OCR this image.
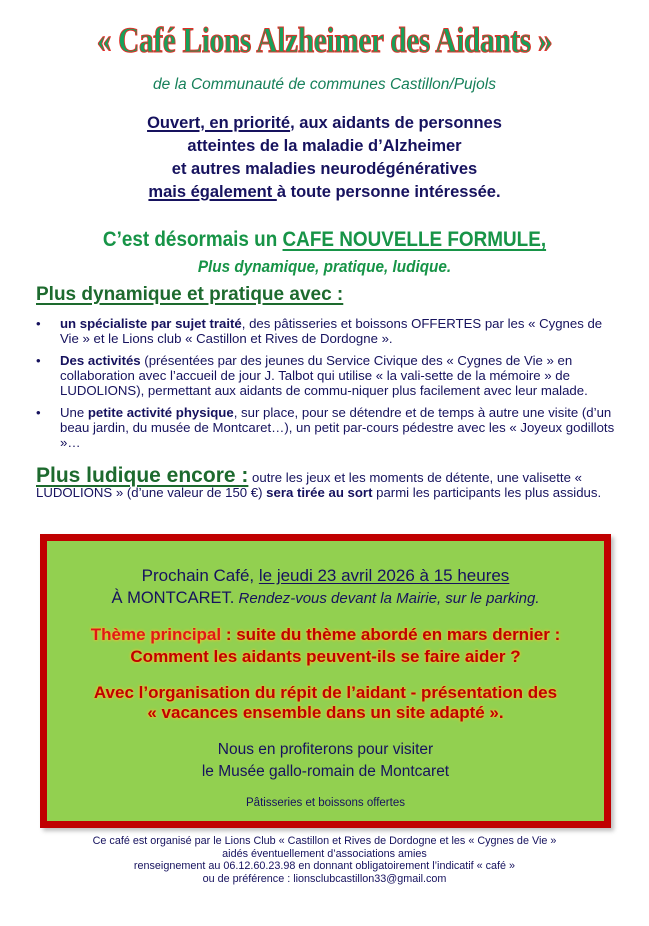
« Café Lions Alzheimer des Aidants »
de la Communauté de communes Castillon/Pujols
Ouvert, en priorité, aux aidants de personnes
atteintes de la maladie d’Alzheimer
et autres maladies neurodégénératives
mais également à toute personne intéressée.
C’est désormais un CAFE NOUVELLE FORMULE,
Plus dynamique, pratique, ludique.
Plus dynamique et pratique avec :
•	un spécialiste par sujet traité, des pâtisseries et boissons OFFERTES par les « Cygnes de Vie » et le Lions club « Castillon et Rives de Dordogne ».
•	Des activités (présentées par des jeunes du Service Civique des « Cygnes de Vie » en collaboration avec l’accueil de jour J. Talbot qui utilise « la vali-sette de la mémoire » de LUDOLIONS), permettant aux aidants de commu-niquer plus facilement avec leur malade.
•	Une petite activité physique, sur place, pour se détendre et de temps à autre une visite (d’un beau jardin, du musée de Montcaret…), un petit par-cours pédestre avec les « Joyeux godillots »…
Plus ludique encore : outre les jeux et les moments de détente, une valisette « LUDOLIONS » (d’une valeur de 150 €) sera tirée au sort parmi les participants les plus assidus.
Prochain Café, le jeudi 23 avril 2026 à 15 heures
À MONTCARET. Rendez-vous devant la Mairie, sur le parking.
Thème principal : suite du thème abordé en mars dernier :
Comment les aidants peuvent-ils se faire aider ?
Avec l’organisation du répit de l’aidant - présentation des
« vacances ensemble dans un site adapté ».
Nous en profiterons pour visiter
le Musée gallo-romain de Montcaret
Pâtisseries et boissons offertes
Ce café est organisé par le Lions Club « Castillon et Rives de Dordogne et les « Cygnes de Vie »
aidés éventuellement d’associations amies
renseignement au 06.12.60.23.98 en donnant obligatoirement l’indicatif « café »
ou de préférence : lionsclubcastillon33@gmail.com
